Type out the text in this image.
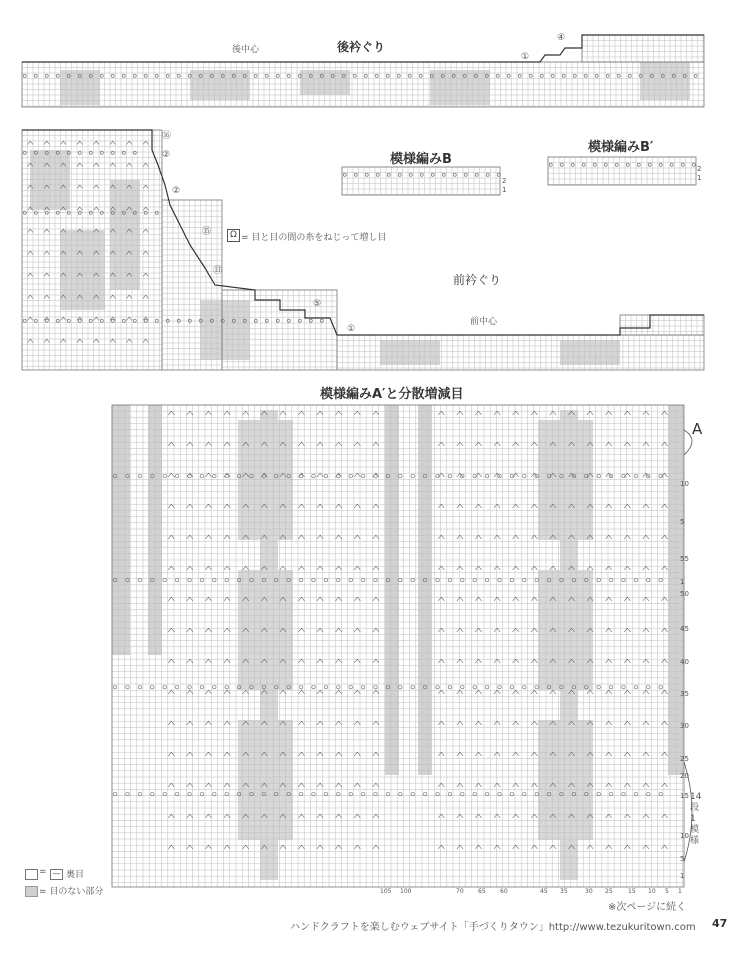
後衿ぐり
後中心
④
①
⑯
②
②
⑮
⑬
⑤
①
模様編みB
模様編みB′
2
1
2
1
Ω = 目と目の間の糸をねじって増し目
前衿ぐり
前中心
模様編みA′と分散増減目
A
10
5
1
55
50
45
40
35
30
25
20
15
10
5
1
105 100	70 65 60	45 35	30 25	15 10 5 1
14段1模様
= — 裏目
= 目のない部分
※次ページに続く
ハンドクラフトを楽しむウェブサイト「手づくりタウン」http://www.tezukuritown.com 47
